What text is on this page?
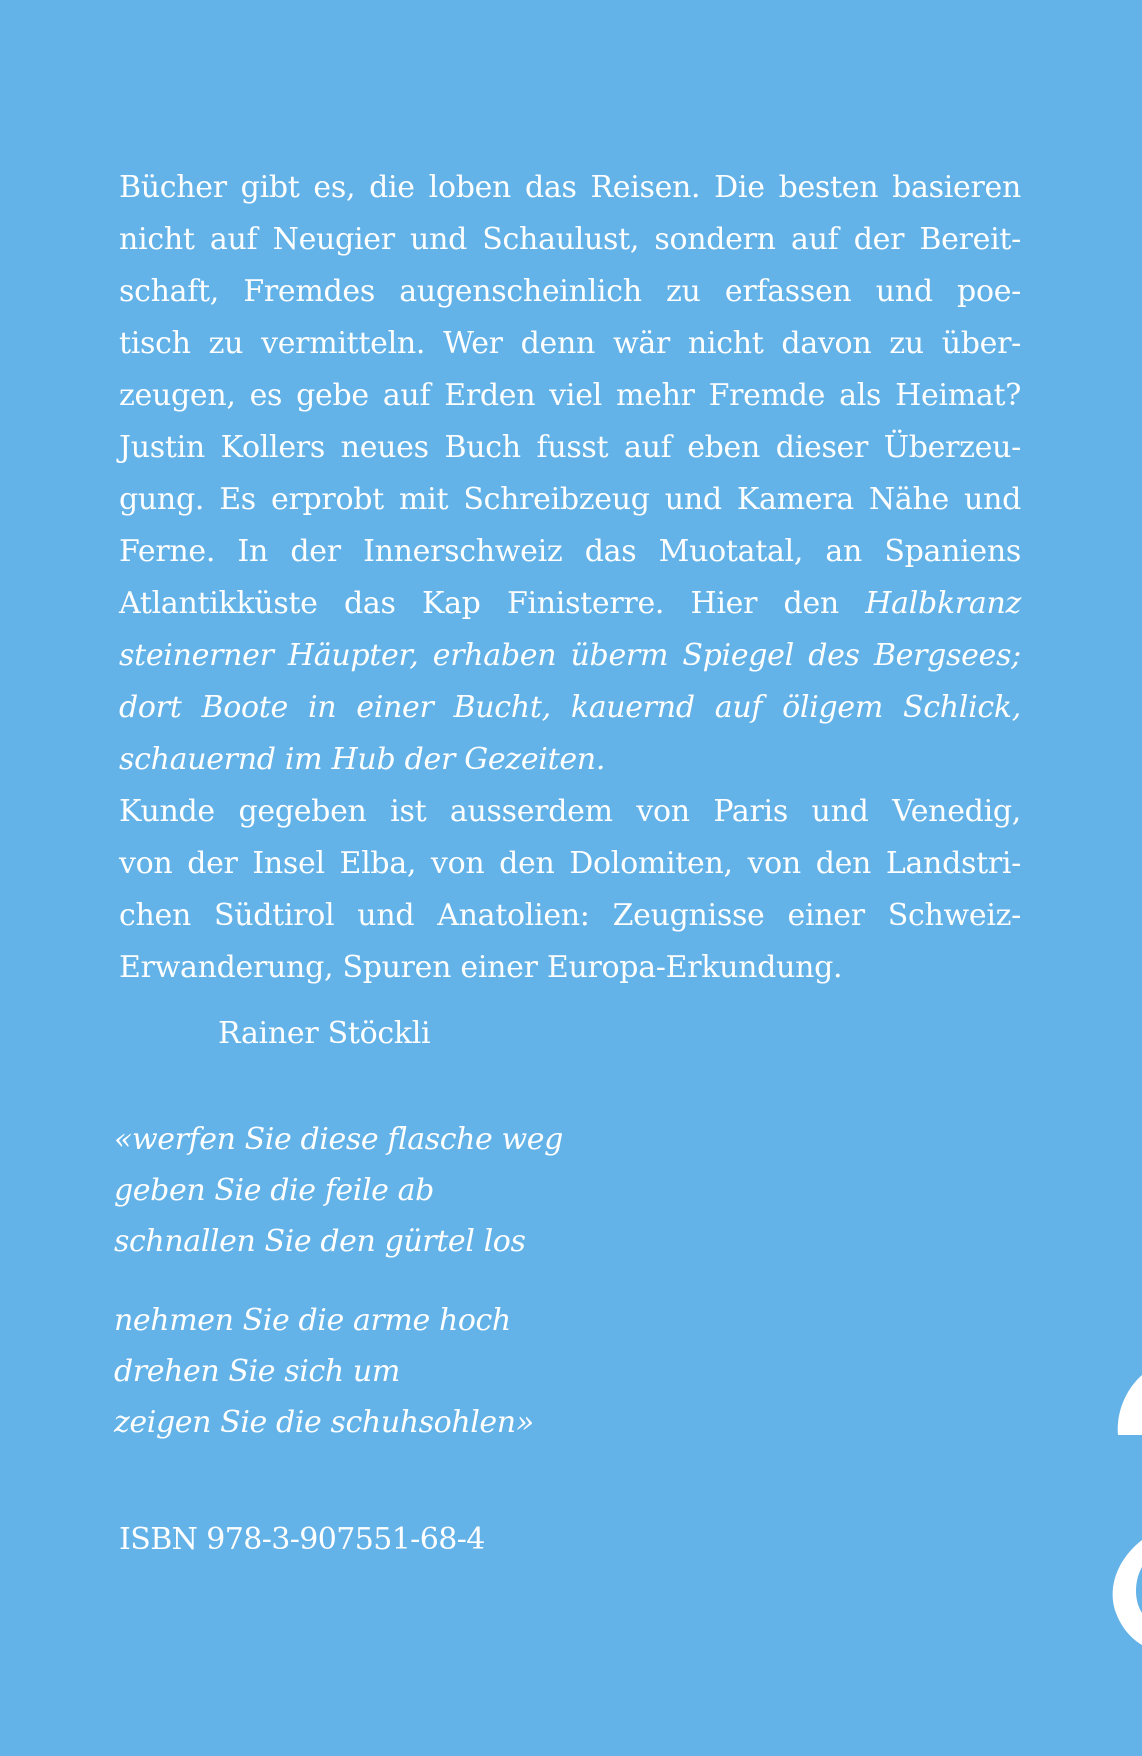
Bücher gibt es, die loben das Reisen. Die besten basieren
nicht auf Neugier und Schaulust, sondern auf der Bereit-
schaft, Fremdes augenscheinlich zu erfassen und poe-
tisch zu vermitteln. Wer denn wär nicht davon zu über-
zeugen, es gebe auf Erden viel mehr Fremde als Heimat?
Justin Kollers neues Buch fusst auf eben dieser Überzeu-
gung. Es erprobt mit Schreibzeug und Kamera Nähe und
Ferne. In der Innerschweiz das Muotatal, an Spaniens
Atlantikküste das Kap Finisterre. Hier den Halbkranz
steinerner Häupter, erhaben überm Spiegel des Bergsees;
dort Boote in einer Bucht, kauernd auf öligem Schlick,
schauernd im Hub der Gezeiten.
Kunde gegeben ist ausserdem von Paris und Venedig,
von der Insel Elba, von den Dolomiten, von den Landstri-
chen Südtirol und Anatolien: Zeugnisse einer Schweiz-
Erwanderung, Spuren einer Europa-Erkundung.
Rainer Stöckli
«werfen Sie diese flasche weg
geben Sie die feile ab
schnallen Sie den gürtel los
nehmen Sie die arme hoch
drehen Sie sich um
zeigen Sie die schuhsohlen»
ISBN 978-3-907551-68-4
